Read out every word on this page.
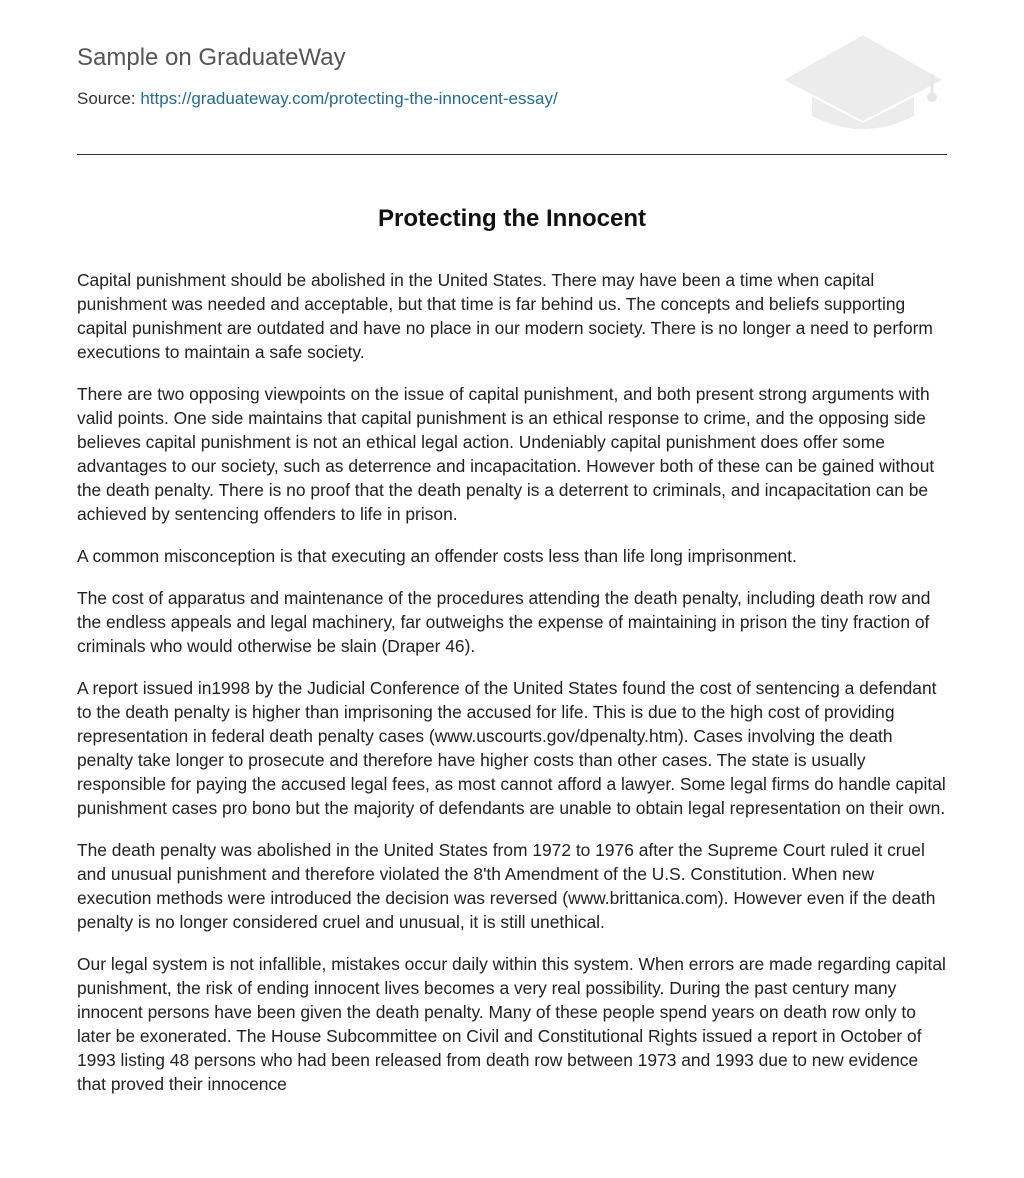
Sample on GraduateWay
Source: https://graduateway.com/protecting-the-innocent-essay/
Protecting the Innocent

Capital punishment should be abolished in the United States. There may have been a time when capital punishment was needed and acceptable, but that time is far behind us. The concepts and beliefs supporting capital punishment are outdated and have no place in our modern society. There is no longer a need to perform executions to maintain a safe society.

There are two opposing viewpoints on the issue of capital punishment, and both present strong arguments with valid points. One side maintains that capital punishment is an ethical response to crime, and the opposing side believes capital punishment is not an ethical legal action. Undeniably capital punishment does offer some advantages to our society, such as deterrence and incapacitation. However both of these can be gained without the death penalty. There is no proof that the death penalty is a deterrent to criminals, and incapacitation can be achieved by sentencing offenders to life in prison.

A common misconception is that executing an offender costs less than life long imprisonment.

The cost of apparatus and maintenance of the procedures attending the death penalty, including death row and the endless appeals and legal machinery, far outweighs the expense of maintaining in prison the tiny fraction of criminals who would otherwise be slain (Draper 46).

A report issued in1998 by the Judicial Conference of the United States found the cost of sentencing a defendant to the death penalty is higher than imprisoning the accused for life. This is due to the high cost of providing representation in federal death penalty cases (www.uscourts.gov/dpenalty.htm). Cases involving the death penalty take longer to prosecute and therefore have higher costs than other cases. The state is usually responsible for paying the accused legal fees, as most cannot afford a lawyer. Some legal firms do handle capital punishment cases pro bono but the majority of defendants are unable to obtain legal representation on their own.

The death penalty was abolished in the United States from 1972 to 1976 after the Supreme Court ruled it cruel and unusual punishment and therefore violated the 8'th Amendment of the U.S. Constitution. When new execution methods were introduced the decision was reversed (www.brittanica.com). However even if the death penalty is no longer considered cruel and unusual, it is still unethical.

Our legal system is not infallible, mistakes occur daily within this system. When errors are made regarding capital punishment, the risk of ending innocent lives becomes a very real possibility. During the past century many innocent persons have been given the death penalty. Many of these people spend years on death row only to later be exonerated. The House Subcommittee on Civil and Constitutional Rights issued a report in October of 1993 listing 48 persons who had been released from death row between 1973 and 1993 due to new evidence that proved their innocence
